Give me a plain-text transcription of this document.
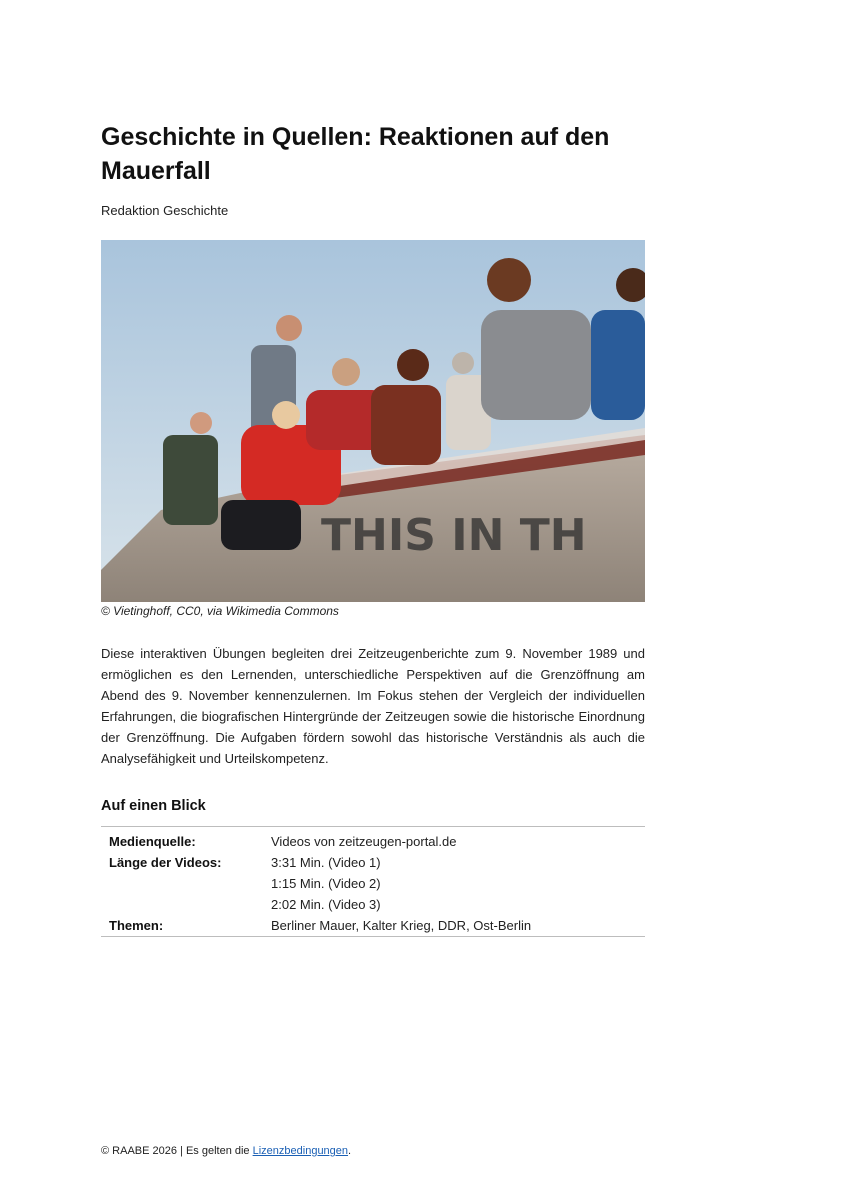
Geschichte in Quellen: Reaktionen auf den Mauerfall
Redaktion Geschichte
THIS IN TH
© Vietinghoff, CC0, via Wikimedia Commons

Diese interaktiven Übungen begleiten drei Zeitzeugenberichte zum 9. November 1989 und ermöglichen es den Lernenden, unterschiedliche Perspektiven auf die Grenzöffnung am Abend des 9. November kennenzulernen. Im Fokus stehen der Vergleich der individuellen Erfahrungen, die biografischen Hintergründe der Zeitzeugen sowie die historische Einordnung der Grenzöffnung. Die Aufgaben fördern sowohl das historische Verständnis als auch die Analysefähigkeit und Urteilskompetenz.

Auf einen Blick
Medienquelle:	Videos von zeitzeugen-portal.de
Länge der Videos:	3:31 Min. (Video 1)
	1:15 Min. (Video 2)
	2:02 Min. (Video 3)
Themen:	Berliner Mauer, Kalter Krieg, DDR, Ost-Berlin
© RAABE 2026 | Es gelten die Lizenzbedingungen.
